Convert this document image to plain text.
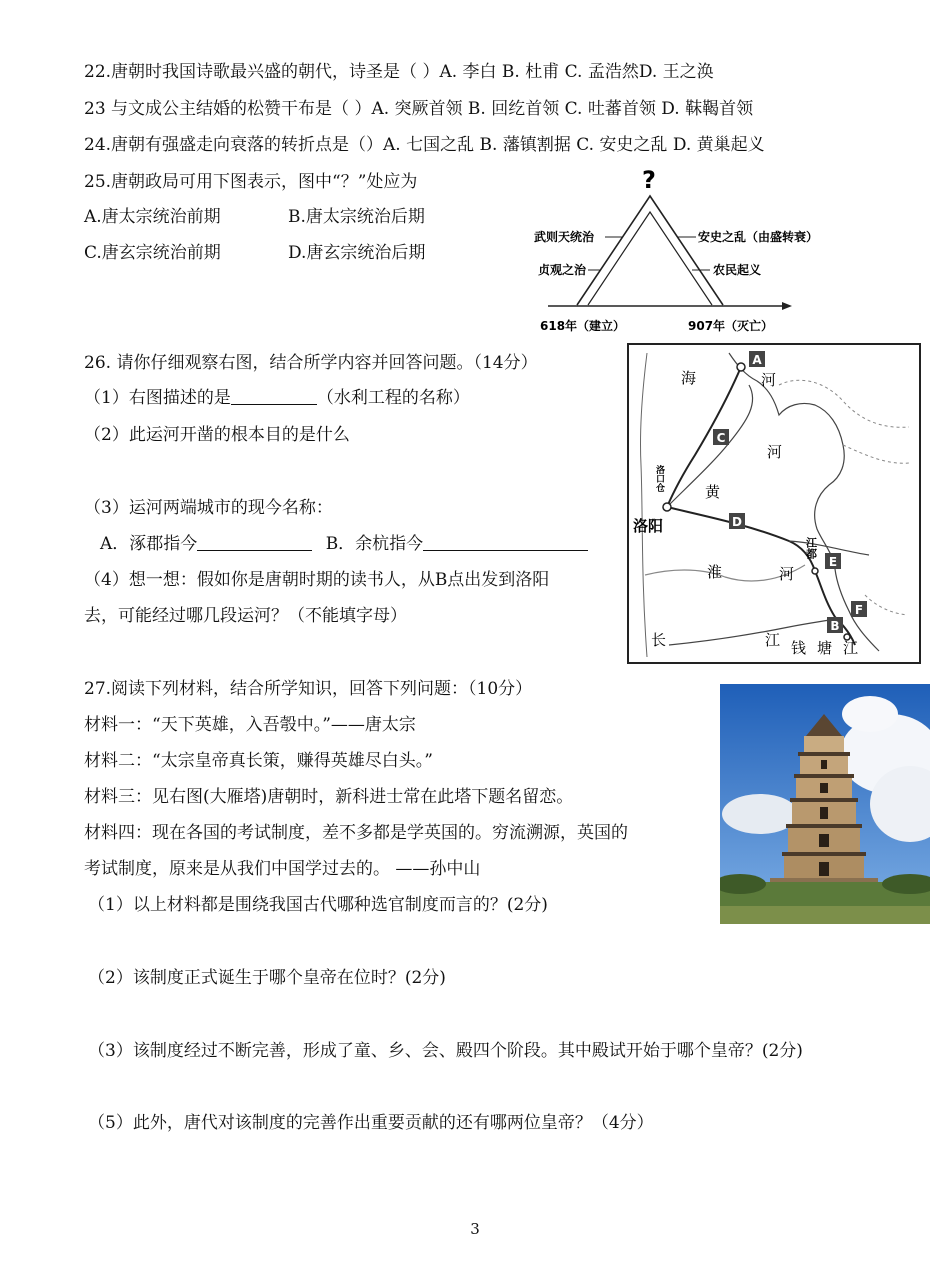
22.唐朝时我国诗歌最兴盛的朝代，诗圣是（ ）A. 李白 B. 杜甫 C. 孟浩然D. 王之涣
23 与文成公主结婚的松赞干布是（ ）A. 突厥首领 B. 回纥首领 C. 吐蕃首领 D. 靺鞨首领
24.唐朝有强盛走向衰落的转折点是（）A. 七国之乱 B. 藩镇割据 C. 安史之乱 D. 黄巢起义
25.唐朝政局可用下图表示，图中“？”处应为
A.唐太宗统治前期	B.唐太宗统治后期
C.唐玄宗统治前期	D.唐玄宗统治后期
?
武则天统治
贞观之治
安史之乱（由盛转衰）
农民起义
618年（建立）	907年（灭亡）
26. 请你仔细观察右图，结合所学内容并回答问题。（14分）
（1）右图描述的是	（水利工程的名称）
（2）此运河开凿的根本目的是什么
（3）运河两端城市的现今名称：
A．涿郡指今	B．余杭指今
（4）想一想：假如你是唐朝时期的读书人，从B点出发到洛阳
去，可能经过哪几段运河？（不能填字母）
A
C
D
E
F
B
海	河
河
黄
淮	河
洛阳
洛口仓
江都
长	江 钱 塘 江
27.阅读下列材料，结合所学知识，回答下列问题：（10分）
材料一：“天下英雄，入吾彀中。”——唐太宗
材料二：“太宗皇帝真长策，赚得英雄尽白头。”
材料三：见右图(大雁塔)唐朝时，新科进士常在此塔下题名留恋。
材料四：现在各国的考试制度，差不多都是学英国的。穷流溯源，英国的
考试制度，原来是从我们中国学过去的。 ——孙中山
（1）以上材料都是围绕我国古代哪种选官制度而言的？(2分)
（2）该制度正式诞生于哪个皇帝在位时？(2分)
（3）该制度经过不断完善，形成了童、乡、会、殿四个阶段。其中殿试开始于哪个皇帝？(2分)
（5）此外，唐代对该制度的完善作出重要贡献的还有哪两位皇帝？（4分）
3
